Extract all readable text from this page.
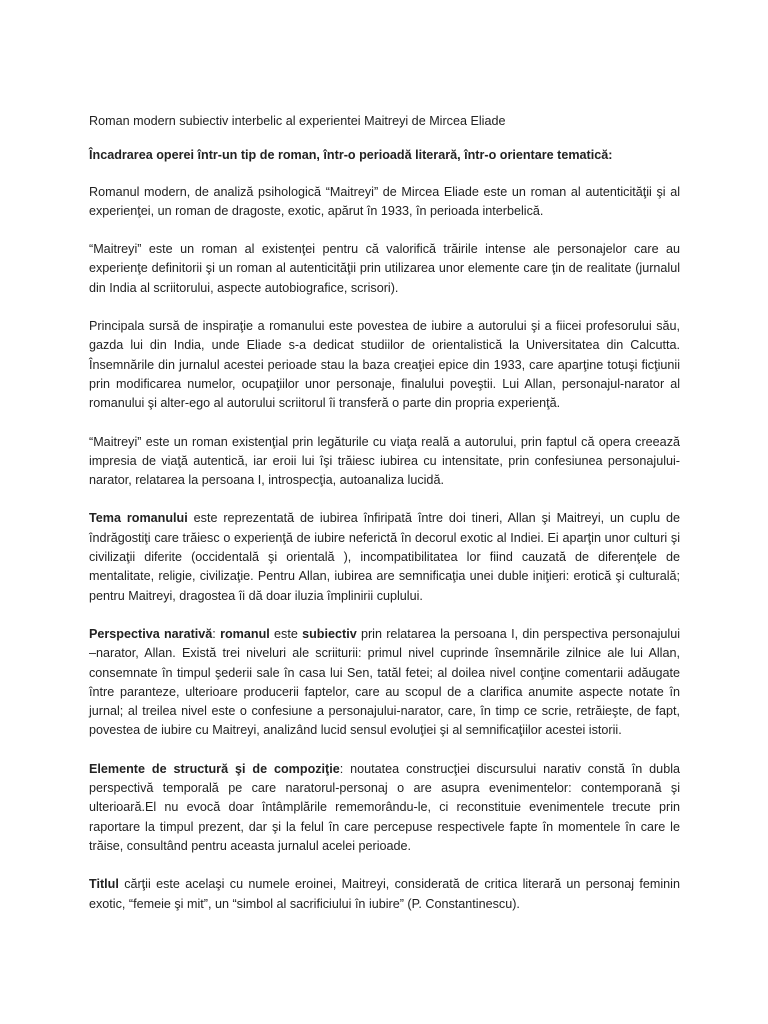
Roman modern subiectiv interbelic al experientei Maitreyi de Mircea Eliade

Încadrarea operei într-un tip de roman, într-o perioadă literară, într-o orientare tematică:

Romanul modern, de analiză psihologică “Maitreyi” de Mircea Eliade este un roman al autenticităţii şi al experienţei, un roman de dragoste, exotic, apărut în 1933, în perioada interbelică.

“Maitreyi” este un roman al existenţei pentru că valorifică trăirile intense ale personajelor care au experienţe definitorii şi un roman al autenticităţii prin utilizarea unor elemente care ţin de realitate (jurnalul din India al scriitorului, aspecte autobiografice, scrisori).

Principala sursă de inspiraţie a romanului este povestea de iubire a autorului şi a fiicei profesorului său, gazda lui din India, unde Eliade s-a dedicat studiilor de orientalistică la Universitatea din Calcutta. Însemnările din jurnalul acestei perioade stau la baza creaţiei epice din 1933, care aparţine totuşi ficţiunii prin modificarea numelor, ocupaţiilor unor personaje, finalului poveştii. Lui Allan, personajul-narator al romanului şi alter-ego al autorului scriitorul îi transferă o parte din propria experienţă.

“Maitreyi” este un roman existenţial prin legăturile cu viaţa reală a autorului, prin faptul că opera creează impresia de viaţă autentică, iar eroii lui îşi trăiesc iubirea cu intensitate, prin confesiunea personajului-narator, relatarea la persoana I, introspecţia, autoanaliza lucidă.

Tema romanului este reprezentată de iubirea înfiripată între doi tineri, Allan şi Maitreyi, un cuplu de îndrăgostiţi care trăiesc o experienţă de iubire neferictă în decorul exotic al Indiei. Ei aparţin unor culturi şi civilizaţii diferite (occidentală şi orientală ), incompatibilitatea lor fiind cauzată de diferenţele de mentalitate, religie, civilizaţie. Pentru Allan, iubirea are semnificaţia unei duble iniţieri: erotică şi culturală; pentru Maitreyi, dragostea îi dă doar iluzia împlinirii cuplului.

Perspectiva narativă: romanul este subiectiv prin relatarea la persoana I, din perspectiva personajului –narator, Allan. Există trei niveluri ale scriiturii: primul nivel cuprinde însemnările zilnice ale lui Allan, consemnate în timpul şederii sale în casa lui Sen, tatăl fetei; al doilea nivel conţine comentarii adăugate între paranteze, ulterioare producerii faptelor, care au scopul de a clarifica anumite aspecte notate în jurnal; al treilea nivel este o confesiune a personajului-narator, care, în timp ce scrie, retrăieşte, de fapt, povestea de iubire cu Maitreyi, analizând lucid sensul evoluţiei şi al semnificaţiilor acestei istorii.

Elemente de structură şi de compoziţie: noutatea construcţiei discursului narativ constă în dubla perspectivă temporală pe care naratorul-personaj o are asupra evenimentelor: contemporană şi ulterioară.El nu evocă doar întâmplările rememorându-le, ci reconstituie evenimentele trecute prin raportare la timpul prezent, dar şi la felul în care percepuse respectivele fapte în momentele în care le trăise, consultând pentru aceasta jurnalul acelei perioade.

Titlul cărţii este acelaşi cu numele eroinei, Maitreyi, considerată de critica literară un personaj feminin exotic, “femeie şi mit”, un “simbol al sacrificiului în iubire” (P. Constantinescu).
